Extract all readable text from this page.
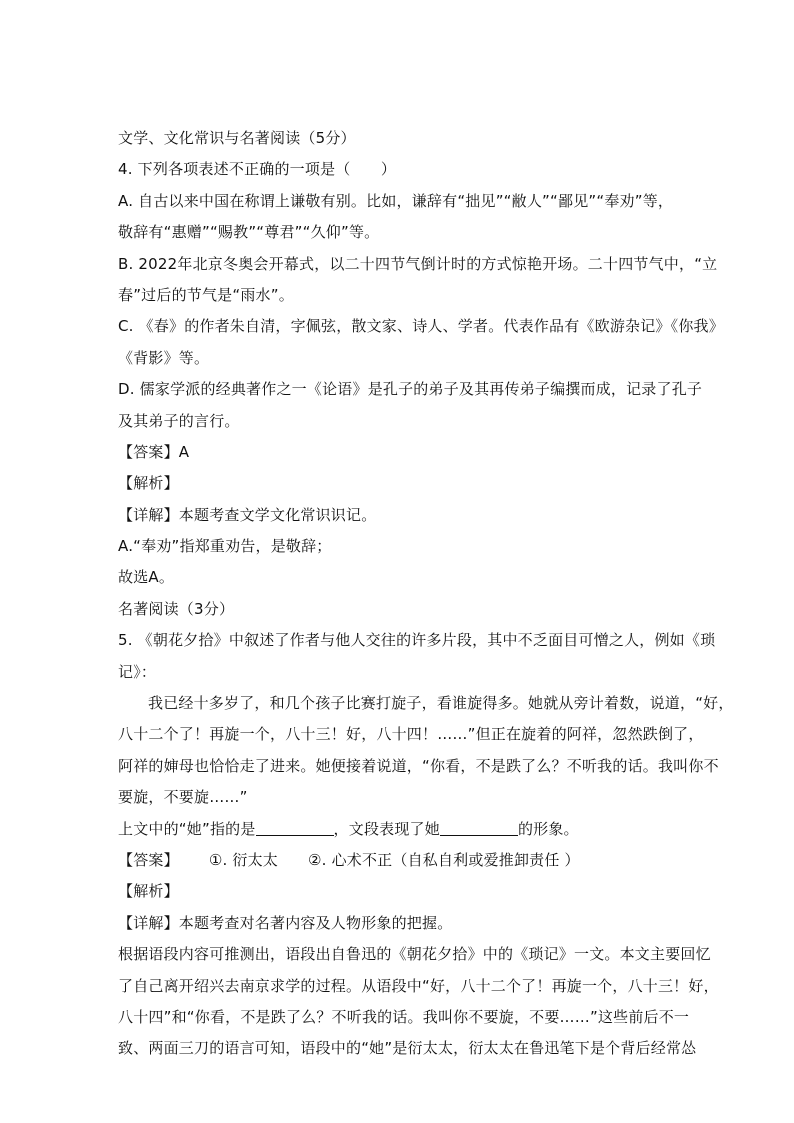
文学、文化常识与名著阅读（5分）
4. 下列各项表述不正确的一项是（　　）
A. 自古以来中国在称谓上谦敬有别。比如，谦辞有“拙见”“敝人”“鄙见”“奉劝”等，
敬辞有“惠赠”“赐教”“尊君”“久仰”等。
B. 2022年北京冬奥会开幕式，以二十四节气倒计时的方式惊艳开场。二十四节气中，“立
春”过后的节气是“雨水”。
C. 《春》的作者朱自清，字佩弦，散文家、诗人、学者。代表作品有《欧游杂记》《你我》
《背影》等。
D. 儒家学派的经典著作之一《论语》是孔子的弟子及其再传弟子编撰而成，记录了孔子
及其弟子的言行。
【答案】A
【解析】
【详解】本题考查文学文化常识识记。
A.“奉劝”指郑重劝告，是敬辞；
故选A。
名著阅读（3分）
5. 《朝花夕拾》中叙述了作者与他人交往的许多片段，其中不乏面目可憎之人，例如《琐
记》：
我已经十多岁了，和几个孩子比赛打旋子，看谁旋得多。她就从旁计着数，说道，“好，
八十二个了！再旋一个，八十三！好，八十四！……”但正在旋着的阿祥，忽然跌倒了，
阿祥的婶母也恰恰走了进来。她便接着说道，“你看，不是跌了么？不听我的话。我叫你不
要旋，不要旋……”
上文中的“她”指的是	，文段表现了她	的形象。
【答案】 ①. 衍太太 ②. 心术不正（自私自利或爱推卸责任 ）
【解析】
【详解】本题考查对名著内容及人物形象的把握。
根据语段内容可推测出，语段出自鲁迅的《朝花夕拾》中的《琐记》一文。本文主要回忆
了自己离开绍兴去南京求学的过程。从语段中“好，八十二个了！再旋一个，八十三！好，
八十四”和“你看，不是跌了么？不听我的话。我叫你不要旋，不要……”这些前后不一
致、两面三刀的语言可知，语段中的“她”是衍太太，衍太太在鲁迅笔下是个背后经常怂
